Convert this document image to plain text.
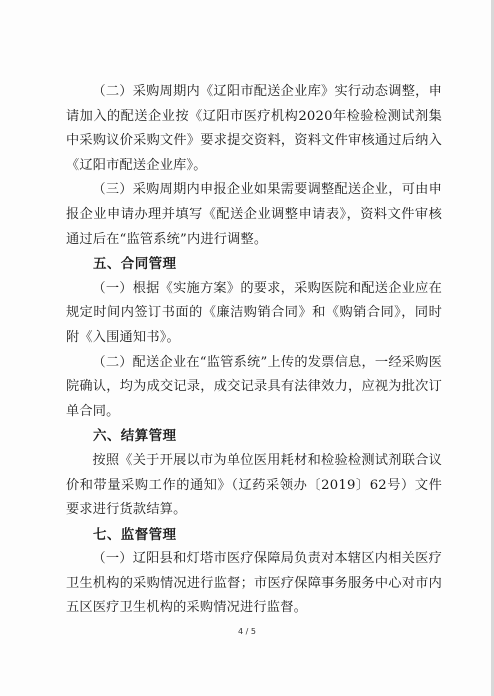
（二）采购周期内《辽阳市配送企业库》实行动态调整，申请加入的配送企业按《辽阳市医疗机构2020年检验检测试剂集中采购议价采购文件》要求提交资料，资料文件审核通过后纳入《辽阳市配送企业库》。

（三）采购周期内申报企业如果需要调整配送企业，可由申报企业申请办理并填写《配送企业调整申请表》，资料文件审核通过后在“监管系统”内进行调整。

五、合同管理

（一）根据《实施方案》的要求，采购医院和配送企业应在规定时间内签订书面的《廉洁购销合同》和《购销合同》，同时附《入围通知书》。

（二）配送企业在“监管系统”上传的发票信息，一经采购医院确认，均为成交记录，成交记录具有法律效力，应视为批次订单合同。

六、结算管理

按照《关于开展以市为单位医用耗材和检验检测试剂联合议价和带量采购工作的通知》（辽药采领办〔2019〕62号）文件要求进行货款结算。

七、监督管理

（一）辽阳县和灯塔市医疗保障局负责对本辖区内相关医疗卫生机构的采购情况进行监督；市医疗保障事务服务中心对市内五区医疗卫生机构的采购情况进行监督。

4 / 5
